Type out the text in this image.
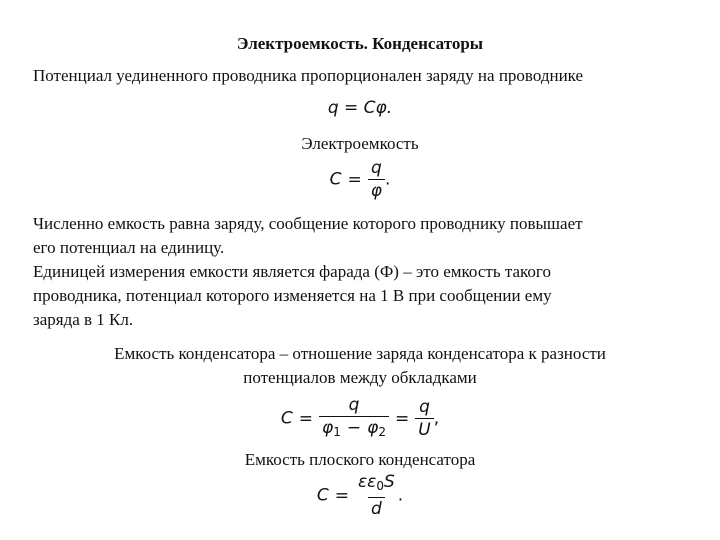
Электроемкость. Конденсаторы
Потенциал уединенного проводника пропорционален заряду на проводнике
q = Cφ.
Электроемкость
$C = \frac{q}{\varphi}$ .
Численно емкость равна заряду, сообщение которого проводнику повышает
его потенциал на единицу.
Единицей измерения емкости является фарада (Ф) – это емкость такого
проводника, потенциал которого изменяется на 1 В при сообщении ему
заряда в 1 Кл.
Емкость конденсатора – отношение заряда конденсатора к разности
потенциалов между обкладками
$C = \frac{q}{\varphi_1 - \varphi_2} = \frac{q}{U}$ ,
Емкость плоского конденсатора
$C = \frac{\varepsilon\varepsilon_0S}{d}$ .
